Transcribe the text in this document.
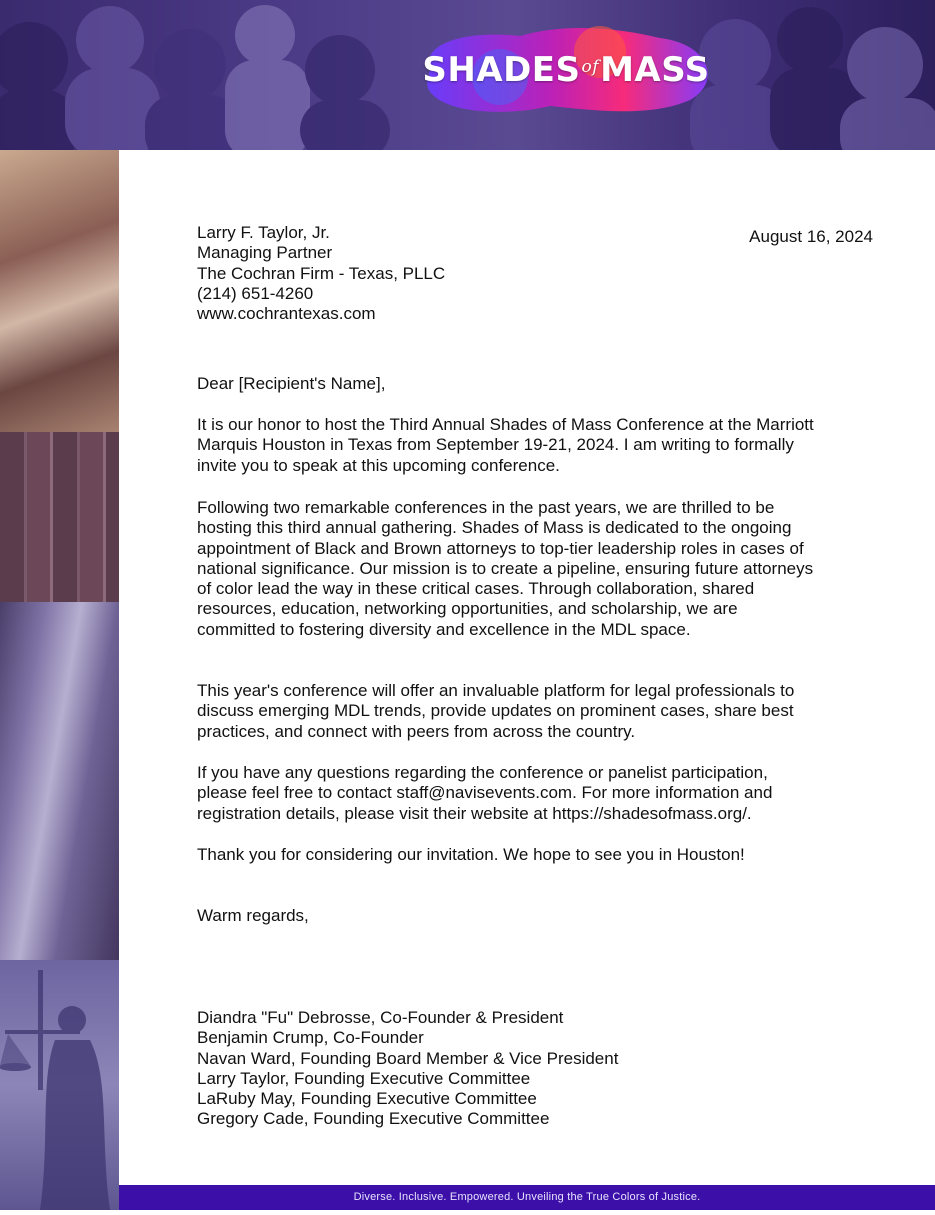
$SHADES^{of}MASS$
August 16, 2024
Larry F. Taylor, Jr.
Managing Partner
The Cochran Firm - Texas, PLLC
(214) 651-4260
www.cochrantexas.com
Dear [Recipient's Name],
It is our honor to host the Third Annual Shades of Mass Conference at the Marriott
Marquis Houston in Texas from September 19-21, 2024. I am writing to formally
invite you to speak at this upcoming conference.
Following two remarkable conferences in the past years, we are thrilled to be
hosting this third annual gathering. Shades of Mass is dedicated to the ongoing
appointment of Black and Brown attorneys to top-tier leadership roles in cases of
national significance. Our mission is to create a pipeline, ensuring future attorneys
of color lead the way in these critical cases. Through collaboration, shared
resources, education, networking opportunities, and scholarship, we are
committed to fostering diversity and excellence in the MDL space.
This year's conference will offer an invaluable platform for legal professionals to
discuss emerging MDL trends, provide updates on prominent cases, share best
practices, and connect with peers from across the country.
If you have any questions regarding the conference or panelist participation,
please feel free to contact staff@navisevents.com. For more information and
registration details, please visit their website at https://shadesofmass.org/.
Thank you for considering our invitation. We hope to see you in Houston!
Warm regards,
Diandra "Fu" Debrosse, Co-Founder & President
Benjamin Crump, Co-Founder
Navan Ward, Founding Board Member & Vice President
Larry Taylor, Founding Executive Committee
LaRuby May, Founding Executive Committee
Gregory Cade, Founding Executive Committee
Diverse. Inclusive. Empowered. Unveiling the True Colors of Justice.
